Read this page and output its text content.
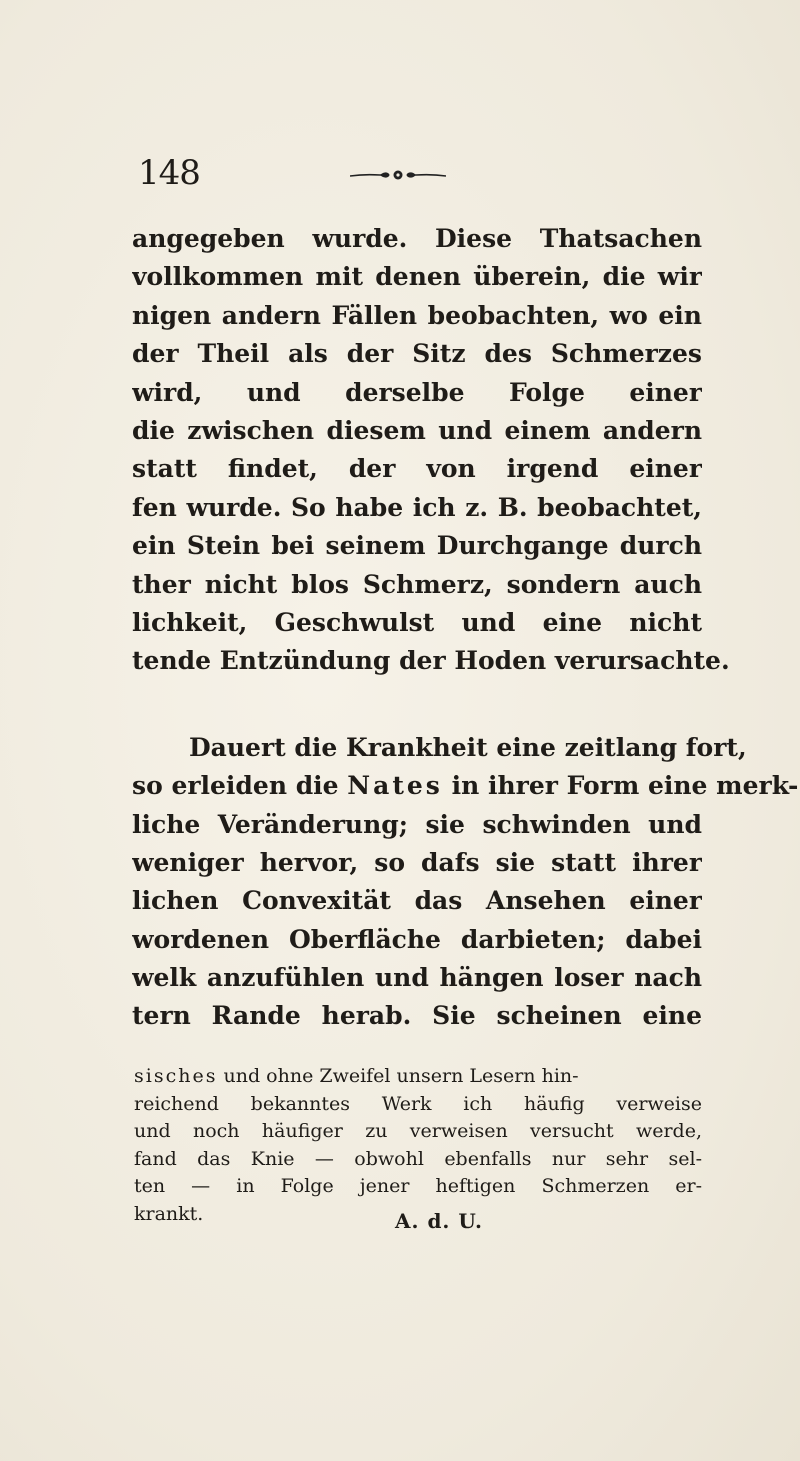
148
angegeben wurde. Diese Thatsachen
vollkommen mit denen überein, die wir
nigen andern Fällen beobachten, wo ein
der Theil als der Sitz des Schmerzes
wird, und derselbe Folge einer
die zwischen diesem und einem andern
statt findet, der von irgend einer
fen wurde. So habe ich z. B. beobachtet,
ein Stein bei seinem Durchgange durch
ther nicht blos Schmerz, sondern auch
lichkeit, Geschwulst und eine nicht
tende Entzündung der Hoden verursachte.
Dauert die Krankheit eine zeitlang fort,
so erleiden die Nates in ihrer Form eine merk-
liche Veränderung; sie schwinden und
weniger hervor, so dafs sie statt ihrer
lichen Convexität das Ansehen einer
wordenen Oberfläche darbieten; dabei
welk anzufühlen und hängen loser nach
tern Rande herab. Sie scheinen eine
sisches und ohne Zweifel unsern Lesern hin-
reichend bekanntes Werk ich häufig verweise
und noch häufiger zu verweisen versucht werde,
fand das Knie — obwohl ebenfalls nur sehr sel-
ten — in Folge jener heftigen Schmerzen er-
krankt.	A. d. U.
